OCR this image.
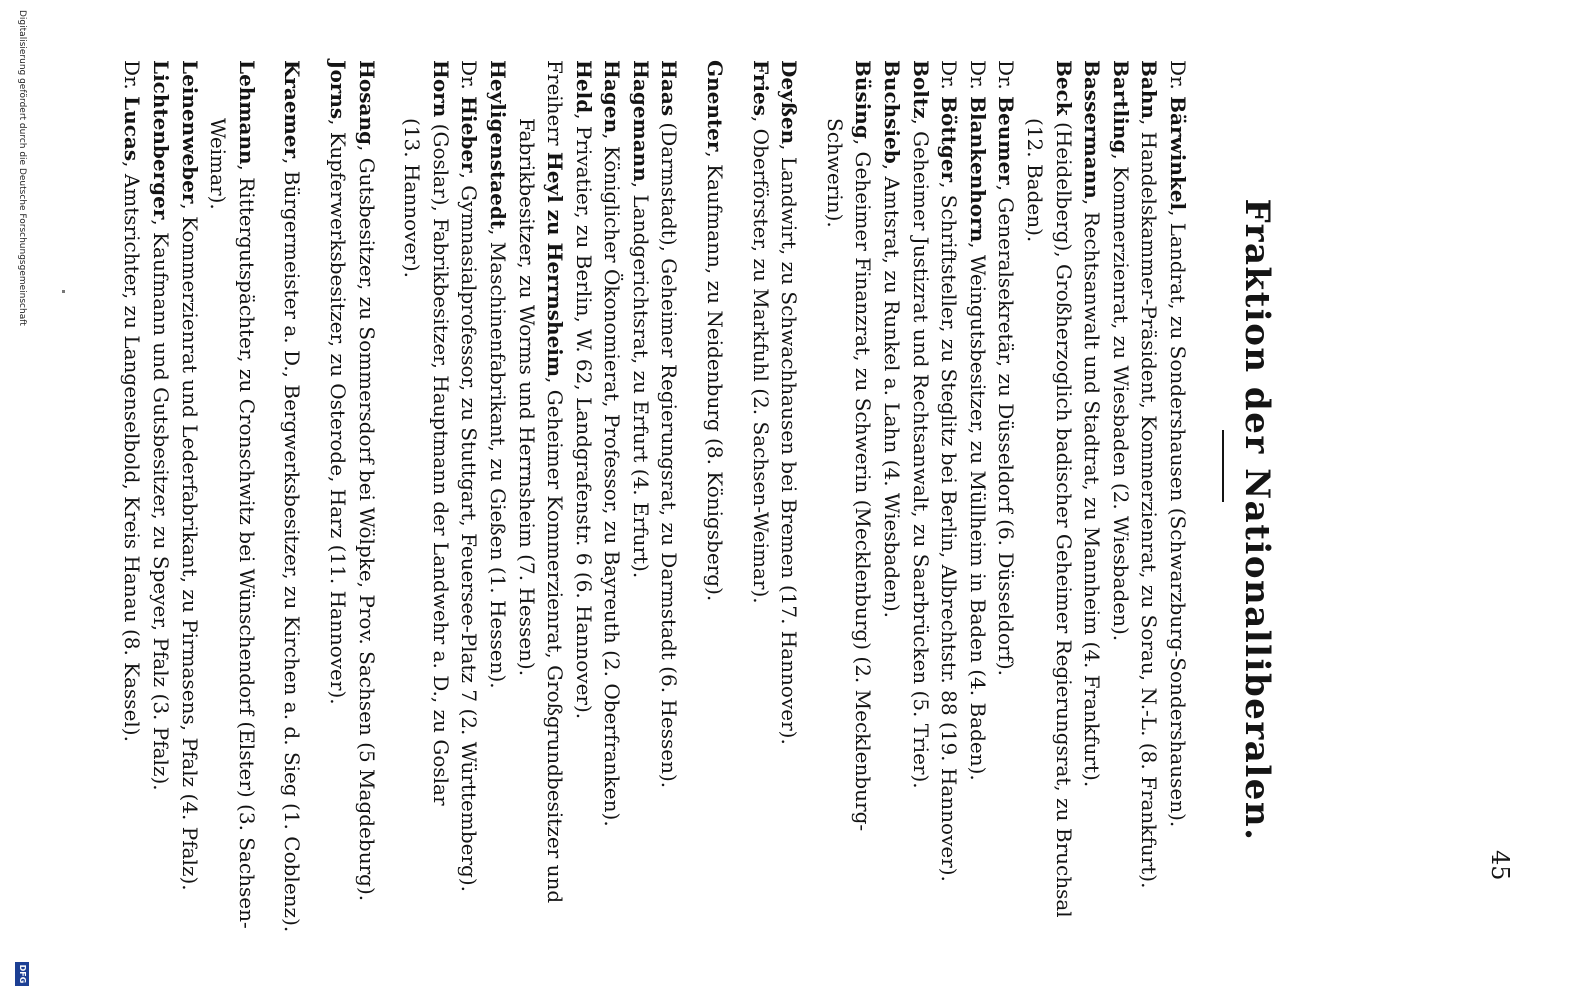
45
Fraktion der Nationalliberalen.
Dr. Bärwinkel, Landrat, zu Sondershausen (Schwarzburg-Sondershausen).
Bahn, Handelskammer-Präsident, Kommerzienrat, zu Sorau, N.-L. (8. Frankfurt).
Bartling, Kommerzienrat, zu Wiesbaden (2. Wiesbaden).
Bassermann, Rechtsanwalt und Stadtrat, zu Mannheim (4. Frankfurt).
Beck (Heidelberg), Großherzoglich badischer Geheimer Regierungsrat, zu Bruchsal
(12. Baden).
Dr. Beumer, Generalsekretär, zu Düsseldorf (6. Düsseldorf).
Dr. Blankenhorn, Weingutsbesitzer, zu Müllheim in Baden (4. Baden).
Dr. Böttger, Schriftsteller, zu Steglitz bei Berlin, Albrechtstr. 88 (19. Hannover).
Boltz, Geheimer Justizrat und Rechtsanwalt, zu Saarbrücken (5. Trier).
Buchsieb, Amtsrat, zu Runkel a. Lahn (4. Wiesbaden).
Büsing, Geheimer Finanzrat, zu Schwerin (Mecklenburg) (2. Mecklenburg-
Schwerin).
Deyßen, Landwirt, zu Schwachhausen bei Bremen (17. Hannover).
Fries, Oberförster, zu Markfuhl (2. Sachsen-Weimar).
Gnenter, Kaufmann, zu Neidenburg (8. Königsberg).
Haas (Darmstadt), Geheimer Regierungsrat, zu Darmstadt (6. Hessen).
Hagemann, Landgerichtsrat, zu Erfurt (4. Erfurt).
Hagen, Königlicher Ökonomierat, Professor, zu Bayreuth (2. Oberfranken).
Held, Privatier, zu Berlin, W. 62, Landgrafenstr. 6 (6. Hannover).
Freiherr Heyl zu Herrnsheim, Geheimer Kommerzienrat, Großgrundbesitzer und
Fabrikbesitzer, zu Worms und Herrnsheim (7. Hessen).
Heyligenstaedt, Maschinenfabrikant, zu Gießen (1. Hessen).
Dr. Hieber, Gymnasialprofessor, zu Stuttgart, Feuersee-Platz 7 (2. Württemberg).
Horn (Goslar), Fabrikbesitzer, Hauptmann der Landwehr a. D., zu Goslar
(13. Hannover).
Hosang, Gutsbesitzer, zu Sommersdorf bei Wölpke, Prov. Sachsen (5 Magdeburg).
Jorns, Kupferwerksbesitzer, zu Osterode, Harz (11. Hannover).
Kraemer, Bürgermeister a. D., Bergwerksbesitzer, zu Kirchen a. d. Sieg (1. Coblenz).
Lehmann, Rittergutspächter, zu Cronschwitz bei Wünschendorf (Elster) (3. Sachsen-
Weimar).
Leinenweber, Kommerzienrat und Lederfabrikant, zu Pirmasens, Pfalz (4. Pfalz).
Lichtenberger, Kaufmann und Gutsbesitzer, zu Speyer, Pfalz (3. Pfalz).
Dr. Lucas, Amtsrichter, zu Langenselbold, Kreis Hanau (8. Kassel).
Digitalisierung gefördert durch die Deutsche Forschungsgemeinschaft
DFG
